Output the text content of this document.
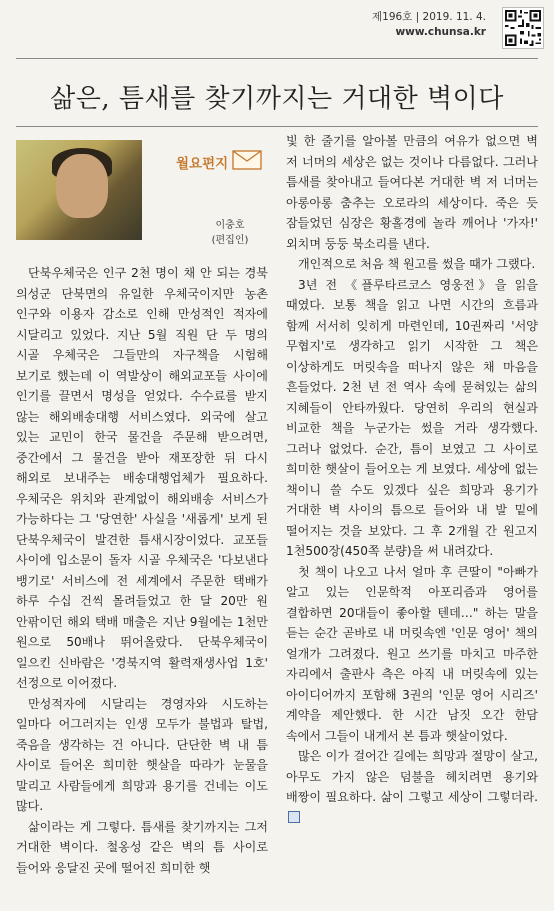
제196호 | 2019. 11. 4.
www.chunsa.kr
삶은, 틈새를 찾기까지는 거대한 벽이다
월요편지
이충호
(편집인)

단북우체국은 인구 2천 명이 채 안 되는 경북 의성군 단북면의 유일한 우체국이지만 농촌 인구와 이용자 감소로 인해 만성적인 적자에 시달리고 있었다. 지난 5월 직원 단 두 명의 시골 우체국은 그들만의 자구책을 시험해 보기로 했는데 이 역발상이 해외교포들 사이에 인기를 끌면서 명성을 얻었다. 수수료를 받지 않는 해외배송대행 서비스였다. 외국에 살고 있는 교민이 한국 물건을 주문해 받으려면, 중간에서 그 물건을 받아 재포장한 뒤 다시 해외로 보내주는 배송대행업체가 필요하다. 우체국은 위치와 관계없이 해외배송 서비스가 가능하다는 그 '당연한' 사실을 '새롭게' 보게 된 단북우체국이 발견한 틈새시장이었다. 교포들 사이에 입소문이 돌자 시골 우체국은 '다보낸다 뱅기로' 서비스에 전 세계에서 주문한 택배가 하루 수십 건씩 몰려들었고 한 달 20만 원 안팎이던 해외 택배 매출은 지난 9월에는 1천만 원으로 50배나 뛰어올랐다. 단북우체국이 일으킨 신바람은 '경북지역 활력재생사업 1호' 선정으로 이어졌다.

만성적자에 시달리는 경영자와 시도하는 일마다 어그러지는 인생 모두가 불법과 탈법, 죽음을 생각하는 건 아니다. 단단한 벽 내 틈 사이로 들어온 희미한 햇살을 따라가 눈물을 말리고 사람들에게 희망과 용기를 건네는 이도 많다.

삶이라는 게 그렇다. 틈새를 찾기까지는 그저 거대한 벽이다. 철옹성 같은 벽의 틈 사이로 들어와 응달진 곳에 떨어진 희미한 햇

빛 한 줄기를 알아볼 만큼의 여유가 없으면 벽 저 너머의 세상은 없는 것이나 다름없다. 그러나 틈새를 찾아내고 들여다본 거대한 벽 저 너머는 아롱아롱 춤추는 오로라의 세상이다. 죽은 듯 잠들었던 심장은 황홀경에 놀라 깨어나 '가자!' 외치며 둥둥 북소리를 낸다.

개인적으로 처음 책 원고를 썼을 때가 그랬다.

3년 전 《플루타르코스 영웅전》을 읽을 때였다. 보통 책을 읽고 나면 시간의 흐름과 함께 서서히 잊히게 마련인데, 10권짜리 '서양 무협지'로 생각하고 읽기 시작한 그 책은 이상하게도 머릿속을 떠나지 않은 채 마음을 흔들었다. 2천 년 전 역사 속에 묻혀있는 삶의 지혜들이 안타까웠다. 당연히 우리의 현실과 비교한 책을 누군가는 썼을 거라 생각했다. 그러나 없었다. 순간, 틈이 보였고 그 사이로 희미한 햇살이 들어오는 게 보였다. 세상에 없는 책이니 쓸 수도 있겠다 싶은 희망과 용기가 거대한 벽 사이의 틈으로 들어와 내 발 밑에 떨어지는 것을 보았다. 그 후 2개월 간 원고지 1천500장(450쪽 분량)을 써 내려갔다.

첫 책이 나오고 나서 얼마 후 큰딸이 "아빠가 알고 있는 인문학적 아포리즘과 영어를 결합하면 20대들이 좋아할 텐데…" 하는 말을 듣는 순간 곧바로 내 머릿속엔 '인문 영어' 책의 얼개가 그려졌다. 원고 쓰기를 마치고 마주한 자리에서 출판사 측은 아직 내 머릿속에 있는 아이디어까지 포함해 3권의 '인문 영어 시리즈' 계약을 제안했다. 한 시간 남짓 오간 한담 속에서 그들이 내게서 본 틈과 햇살이었다.

많은 이가 걸어간 길에는 희망과 절망이 살고, 아무도 가지 않은 덤불을 헤치려면 용기와 배짱이 필요하다. 삶이 그렇고 세상이 그렇더라.
